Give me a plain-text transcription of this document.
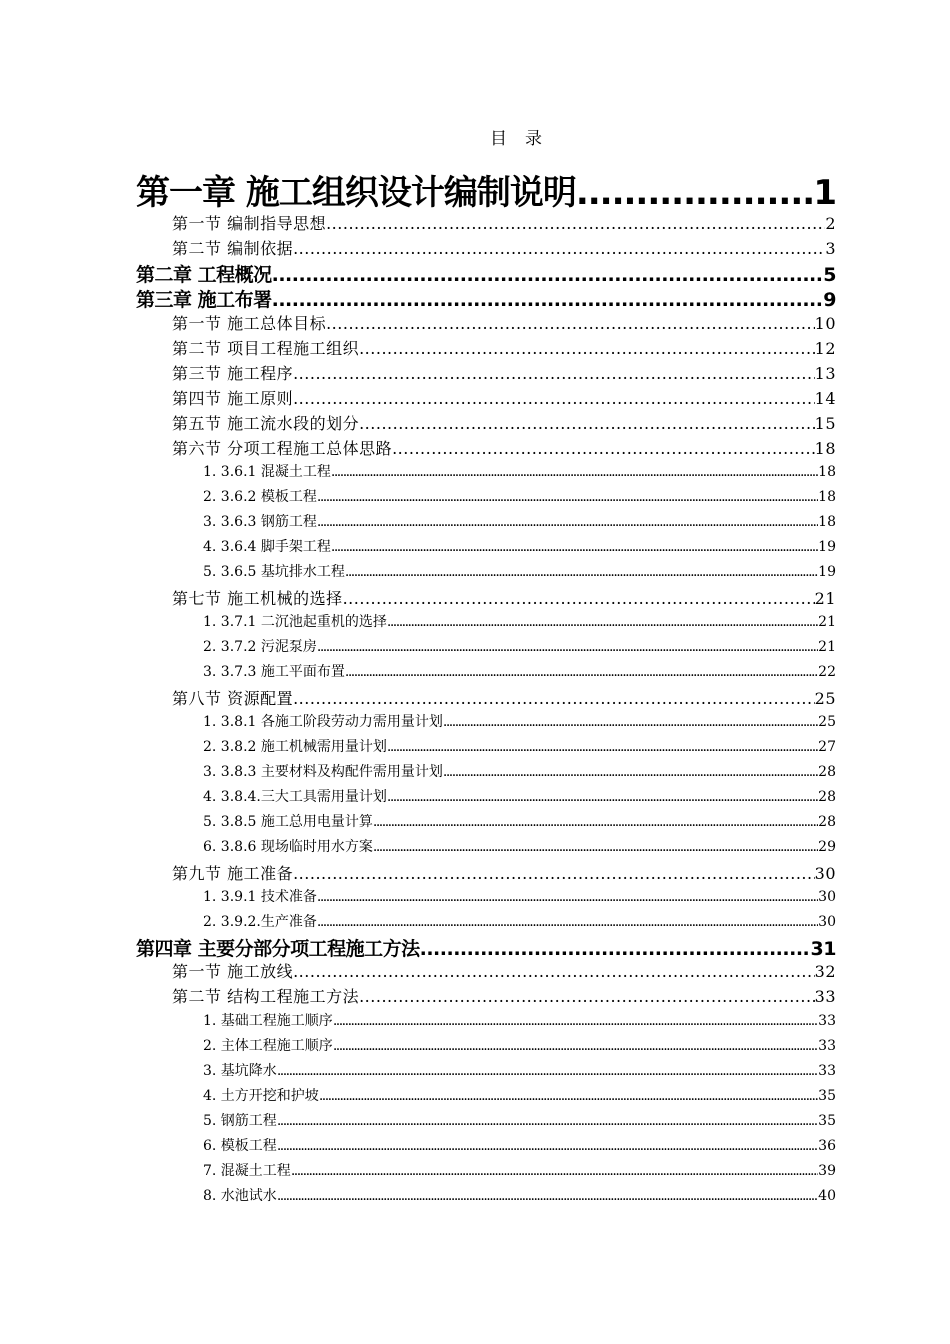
目录
第一章 施工组织设计编制说明 .....	1
第一节 编制指导思想 .....	2
第二节 编制依据 .....	3
第二章 工程概况 .....	5
第三章 施工布署 .....	9
第一节 施工总体目标 .....	10
第二节 项目工程施工组织 .....	12
第三节 施工程序 .....	13
第四节 施工原则 .....	14
第五节 施工流水段的划分 .....	15
第六节 分项工程施工总体思路 .....	18
1. 3.6.1 混凝土工程 .....	18
2. 3.6.2 模板工程 .....	18
3. 3.6.3 钢筋工程 .....	18
4. 3.6.4 脚手架工程 .....	19
5. 3.6.5 基坑排水工程 .....	19
第七节 施工机械的选择 .....	21
1. 3.7.1 二沉池起重机的选择 .....	21
2. 3.7.2 污泥泵房 .....	21
3. 3.7.3 施工平面布置 .....	22
第八节 资源配置 .....	25
1. 3.8.1 各施工阶段劳动力需用量计划 .....	25
2. 3.8.2 施工机械需用量计划 .....	27
3. 3.8.3 主要材料及构配件需用量计划 .....	28
4. 3.8.4.三大工具需用量计划 .....	28
5. 3.8.5 施工总用电量计算 .....	28
6. 3.8.6 现场临时用水方案 .....	29
第九节 施工准备 .....	30
1. 3.9.1 技术准备 .....	30
2. 3.9.2.生产准备 .....	30
第四章 主要分部分项工程施工方法 .....	31
第一节 施工放线 .....	32
第二节 结构工程施工方法 .....	33
1. 基础工程施工顺序 .....	33
2. 主体工程施工顺序 .....	33
3. 基坑降水 .....	33
4. 土方开挖和护坡 .....	35
5. 钢筋工程 .....	35
6. 模板工程 .....	36
7. 混凝土工程 .....	39
8. 水池试水 .....	40
